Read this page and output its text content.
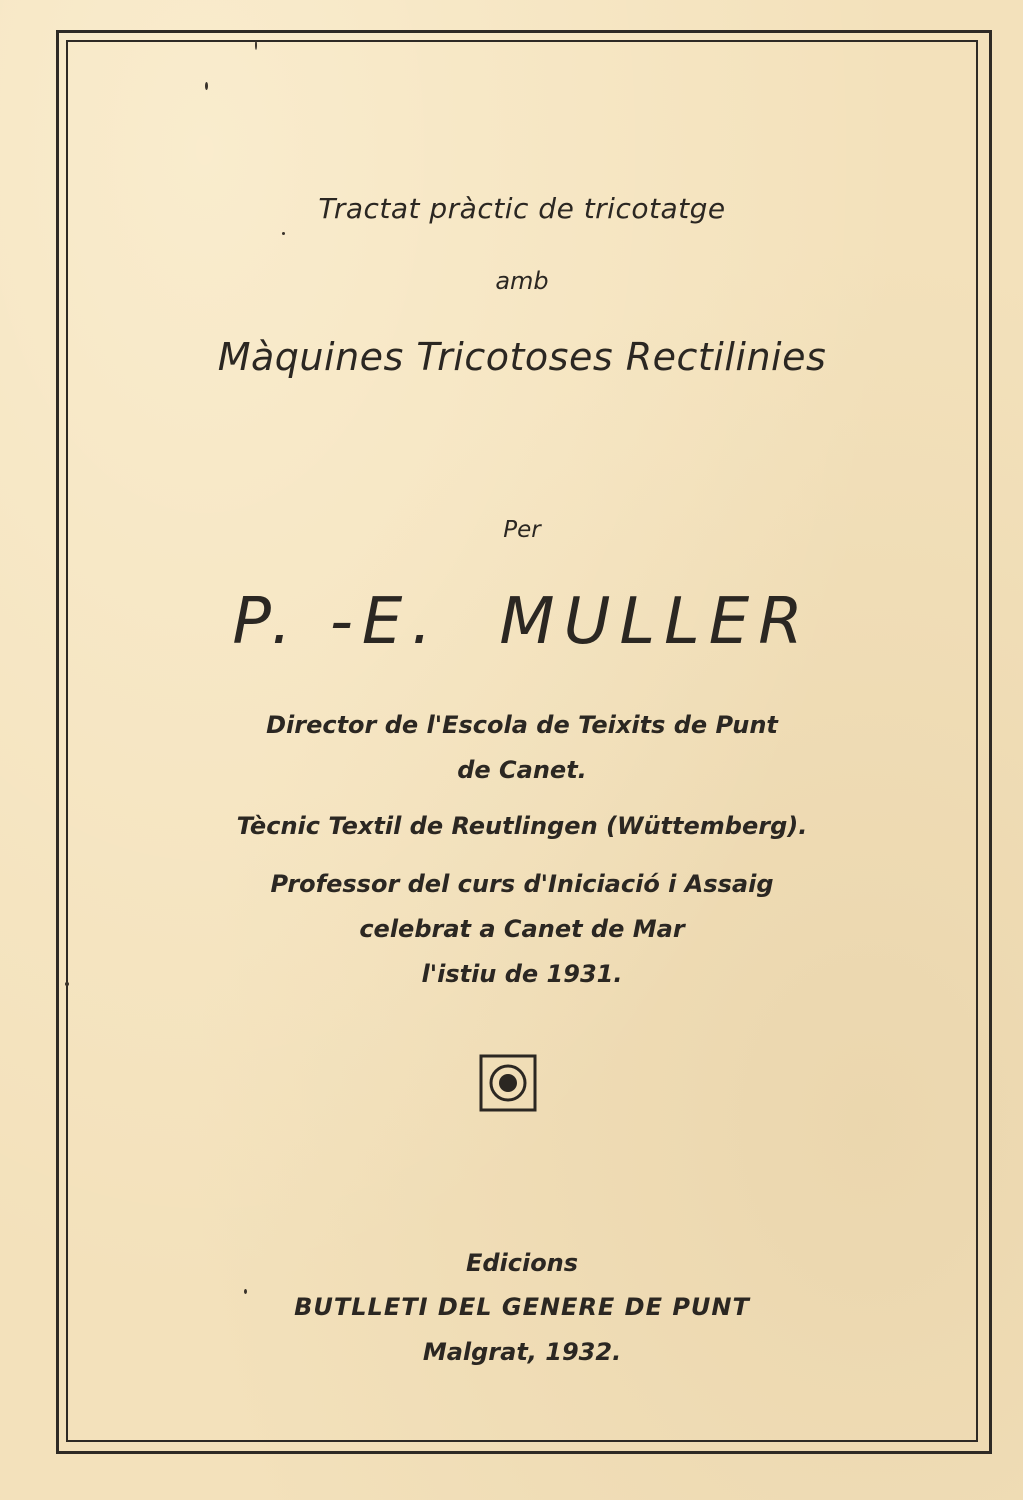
Tractat pràctic de tricotatge
amb
Màquines Tricotoses Rectilinies
Per
P. -E.  MULLER
Director de l'Escola de Teixits de Punt
de Canet.
Tècnic Textil de Reutlingen (Wüttemberg).
Professor del curs d'Iniciació i Assaig
celebrat a Canet de Mar
l'istiu de 1931.
Edicions
BUTLLETI DEL GENERE DE PUNT
Malgrat, 1932.
